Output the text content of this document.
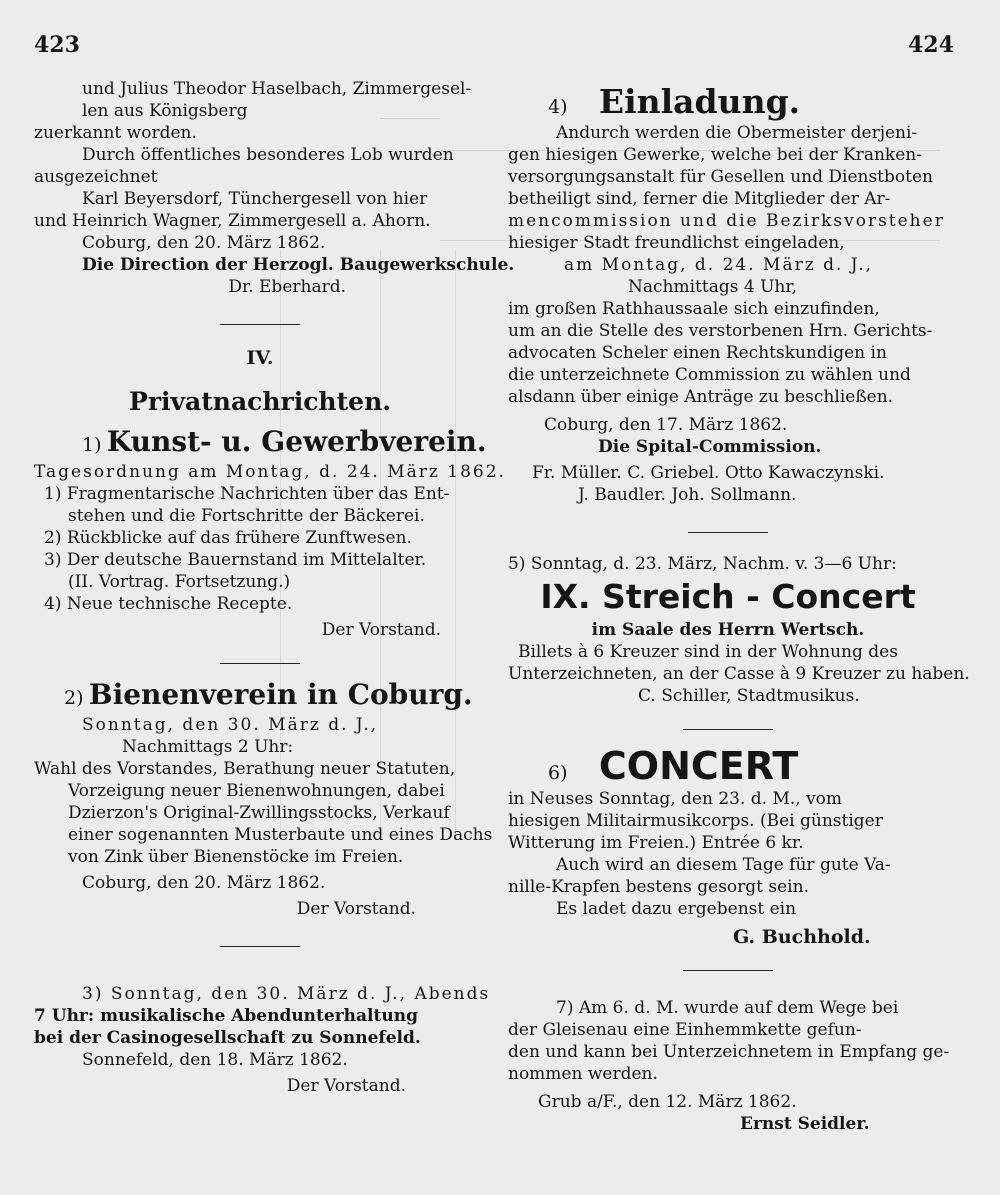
423	424
und Julius Theodor Haselbach, Zimmergesel-
len aus Königsberg
zuerkannt worden.
Durch öffentliches besonderes Lob wurden
ausgezeichnet
Karl Beyersdorf, Tünchergesell von hier
und Heinrich Wagner, Zimmergesell a. Ahorn.
Coburg, den 20. März 1862.
Die Direction der Herzogl. Baugewerkschule.
Dr. Eberhard.
IV.
Privatnachrichten.
1) Kunst- u. Gewerbverein.
Tagesordnung am Montag, d. 24. März 1862.
1) Fragmentarische Nachrichten über das Ent-
stehen und die Fortschritte der Bäckerei.
2) Rückblicke auf das frühere Zunftwesen.
3) Der deutsche Bauernstand im Mittelalter.
(II. Vortrag. Fortsetzung.)
4) Neue technische Recepte.
Der Vorstand.
2) Bienenverein in Coburg.
Sonntag, den 30. März d. J.,
Nachmittags 2 Uhr:
Wahl des Vorstandes, Berathung neuer Statuten,
Vorzeigung neuer Bienenwohnungen, dabei
Dzierzon's Original-Zwillingsstocks, Verkauf
einer sogenannten Musterbaute und eines Dachs
von Zink über Bienenstöcke im Freien.
Coburg, den 20. März 1862.
Der Vorstand.
3) Sonntag, den 30. März d. J., Abends
7 Uhr: musikalische Abendunterhaltung
bei der Casinogesellschaft zu Sonnefeld.
Sonnefeld, den 18. März 1862.
Der Vorstand.
4) Einladung.
Andurch werden die Obermeister derjeni-
gen hiesigen Gewerke, welche bei der Kranken-
versorgungsanstalt für Gesellen und Dienstboten
betheiligt sind, ferner die Mitglieder der Ar-
mencommission und die Bezirksvorsteher
hiesiger Stadt freundlichst eingeladen,
am Montag, d. 24. März d. J.,
Nachmittags 4 Uhr,
im großen Rathhaussaale sich einzufinden,
um an die Stelle des verstorbenen Hrn. Gerichts-
advocaten Scheler einen Rechtskundigen in
die unterzeichnete Commission zu wählen und
alsdann über einige Anträge zu beschließen.
Coburg, den 17. März 1862.
Die Spital-Commission.
Fr. Müller. C. Griebel. Otto Kawaczynski.
J. Baudler. Joh. Sollmann.
5) Sonntag, d. 23. März, Nachm. v. 3—6 Uhr:
IX. Streich - Concert
im Saale des Herrn Wertsch.
Billets à 6 Kreuzer sind in der Wohnung des
Unterzeichneten, an der Casse à 9 Kreuzer zu haben.
C. Schiller, Stadtmusikus.
6) CONCERT
in Neuses Sonntag, den 23. d. M., vom
hiesigen Militairmusikcorps. (Bei günstiger
Witterung im Freien.) Entrée 6 kr.
Auch wird an diesem Tage für gute Va-
nille-Krapfen bestens gesorgt sein.
Es ladet dazu ergebenst ein
G. Buchhold.
7) Am 6. d. M. wurde auf dem Wege bei
der Gleisenau eine Einhemmkette gefun-
den und kann bei Unterzeichnetem in Empfang ge-
nommen werden.
Grub a/F., den 12. März 1862.
Ernst Seidler.
